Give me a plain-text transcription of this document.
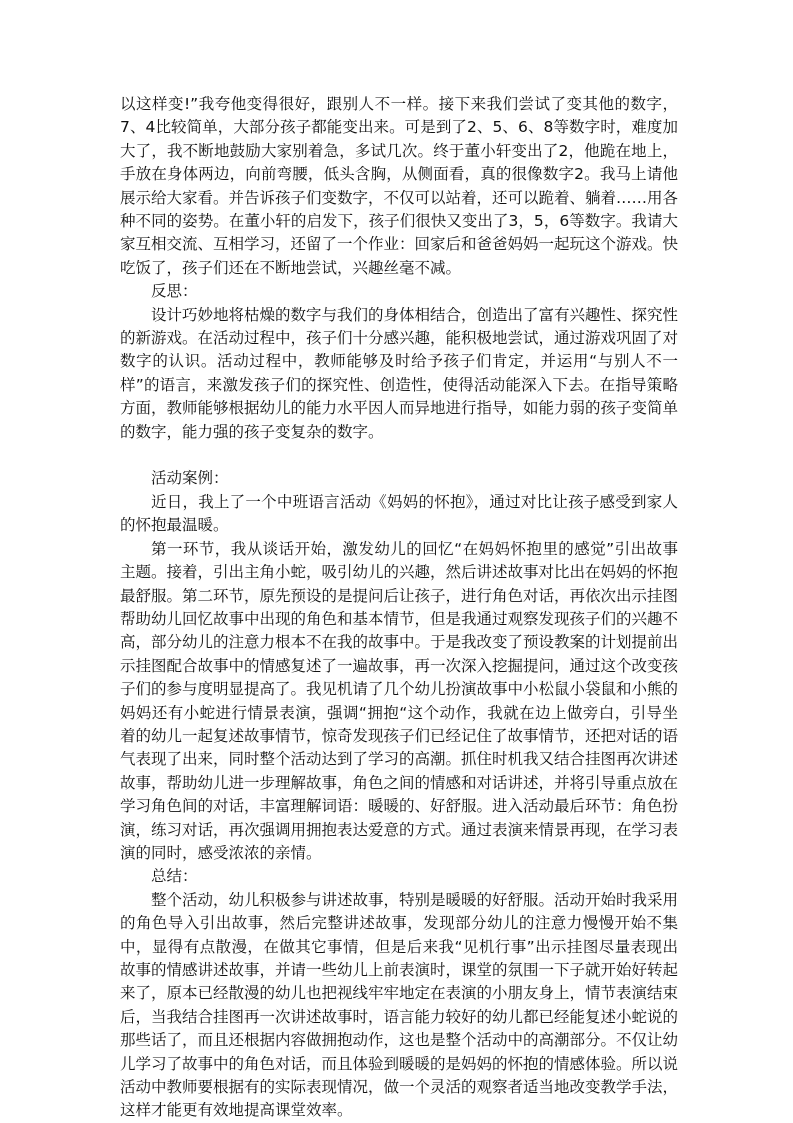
以这样变!”我夸他变得很好，跟别人不一样。接下来我们尝试了变其他的数字，7、4比较简单，大部分孩子都能变出来。可是到了2、5、6、8等数字时，难度加大了，我不断地鼓励大家别着急，多试几次。终于董小轩变出了2，他跪在地上，手放在身体两边，向前弯腰，低头含胸，从侧面看，真的很像数字2。我马上请他展示给大家看。并告诉孩子们变数字，不仅可以站着，还可以跪着、躺着……用各种不同的姿势。在董小轩的启发下，孩子们很快又变出了3，5，6等数字。我请大家互相交流、互相学习，还留了一个作业：回家后和爸爸妈妈一起玩这个游戏。快吃饭了，孩子们还在不断地尝试，兴趣丝毫不减。

反思：

设计巧妙地将枯燥的数字与我们的身体相结合，创造出了富有兴趣性、探究性的新游戏。在活动过程中，孩子们十分感兴趣，能积极地尝试，通过游戏巩固了对数字的认识。活动过程中，教师能够及时给予孩子们肯定，并运用“与别人不一样”的语言，来激发孩子们的探究性、创造性，使得活动能深入下去。在指导策略方面，教师能够根据幼儿的能力水平因人而异地进行指导，如能力弱的孩子变简单的数字，能力强的孩子变复杂的数字。

活动案例：

近日，我上了一个中班语言活动《妈妈的怀抱》，通过对比让孩子感受到家人的怀抱最温暖。

第一环节，我从谈话开始，激发幼儿的回忆“在妈妈怀抱里的感觉”引出故事主题。接着，引出主角小蛇，吸引幼儿的兴趣，然后讲述故事对比出在妈妈的怀抱最舒服。第二环节，原先预设的是提问后让孩子，进行角色对话，再依次出示挂图帮助幼儿回忆故事中出现的角色和基本情节，但是我通过观察发现孩子们的兴趣不高，部分幼儿的注意力根本不在我的故事中。于是我改变了预设教案的计划提前出示挂图配合故事中的情感复述了一遍故事，再一次深入挖掘提问，通过这个改变孩子们的参与度明显提高了。我见机请了几个幼儿扮演故事中小松鼠小袋鼠和小熊的妈妈还有小蛇进行情景表演，强调“拥抱“这个动作，我就在边上做旁白，引导坐着的幼儿一起复述故事情节，惊奇发现孩子们已经记住了故事情节，还把对话的语气表现了出来，同时整个活动达到了学习的高潮。抓住时机我又结合挂图再次讲述故事，帮助幼儿进一步理解故事，角色之间的情感和对话讲述，并将引导重点放在学习角色间的对话，丰富理解词语：暖暖的、好舒服。进入活动最后环节：角色扮演，练习对话，再次强调用拥抱表达爱意的方式。通过表演来情景再现，在学习表演的同时，感受浓浓的亲情。

总结：

整个活动，幼儿积极参与讲述故事，特别是暖暖的好舒服。活动开始时我采用的角色导入引出故事，然后完整讲述故事，发现部分幼儿的注意力慢慢开始不集中，显得有点散漫，在做其它事情，但是后来我“见机行事”出示挂图尽量表现出故事的情感讲述故事，并请一些幼儿上前表演时，课堂的氛围一下子就开始好转起来了，原本已经散漫的幼儿也把视线牢牢地定在表演的小朋友身上，情节表演结束后，当我结合挂图再一次讲述故事时，语言能力较好的幼儿都已经能复述小蛇说的那些话了，而且还根据内容做拥抱动作，这也是整个活动中的高潮部分。不仅让幼儿学习了故事中的角色对话，而且体验到暖暖的是妈妈的怀抱的情感体验。所以说活动中教师要根据有的实际表现情况，做一个灵活的观察者适当地改变教学手法，这样才能更有效地提高课堂效率。
